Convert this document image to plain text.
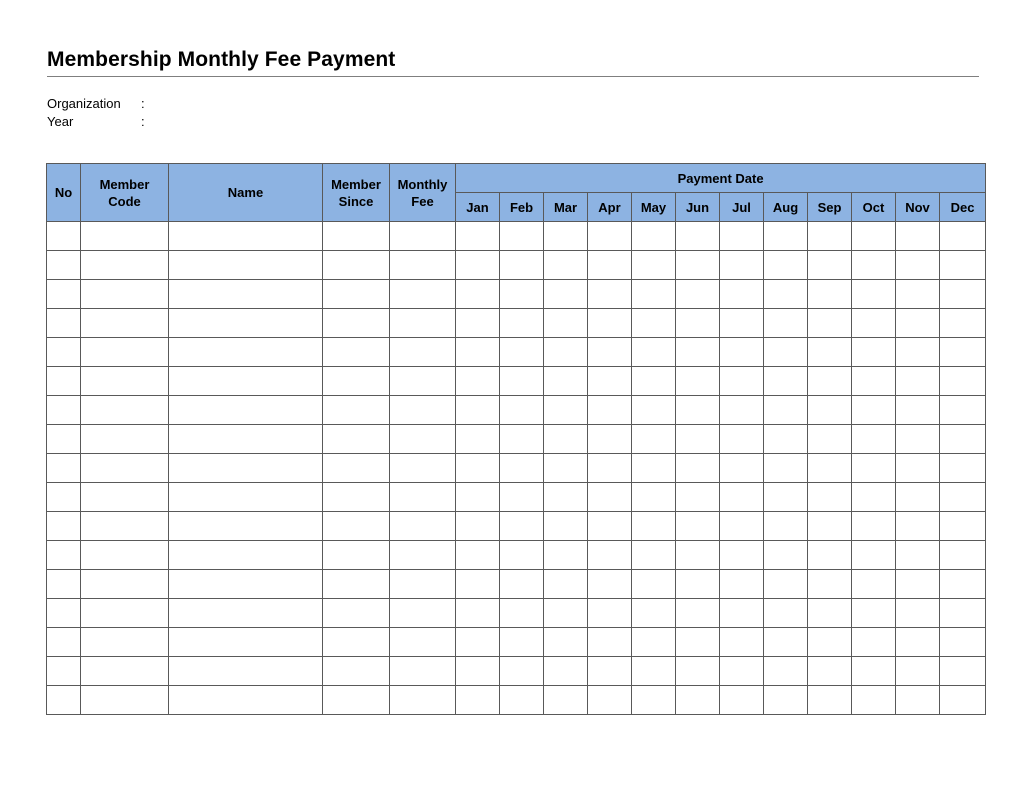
Membership Monthly Fee Payment
Organization	:
Year	:
No	Member Code	Name	Member Since	Monthly Fee	Payment Date											
					Jan	Feb	Mar	Apr	May	Jun	Jul	Aug	Sep	Oct	Nov	Dec
